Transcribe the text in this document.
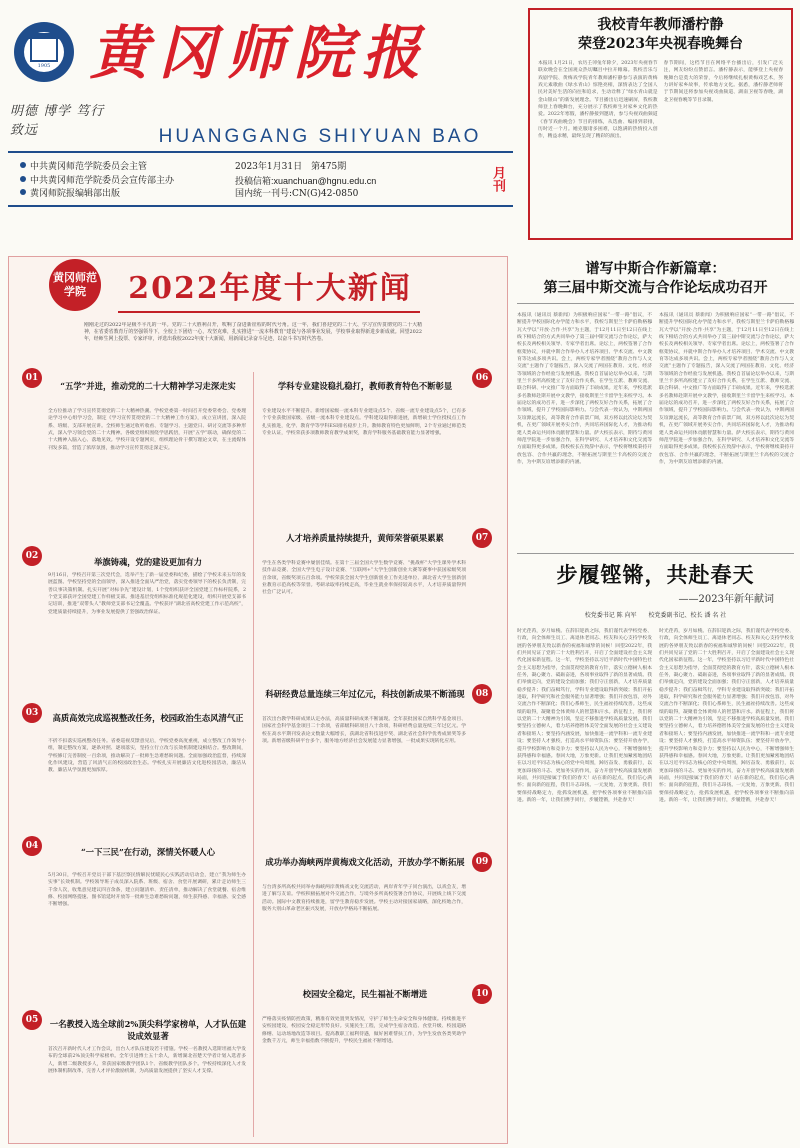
1905 黄冈师院报
明德 博学 笃行 致远	HUANGGANG SHIYUAN BAO
中共黄冈师范学院委员会主管
中共黄冈师范学院委员会宣传部主办
黄冈师院报编辑部出版
2023年1月31日　第475期
投稿信箱:xuanchuan@hgnu.edu.cn
国内统一刊号:CN(G)42-0850
月刊
我校青年教师潘柠静
荣登2023年央视春晚舞台
本报讯 1月21日，农历壬卯兔年除夕，2023年央视春节联欢晚会在全国观众热切瞩目中拉开帷幕。我校音乐与戏剧学院、黄梅戏学院青年教师潘柠静参与表演的黄梅戏元素歌曲《绿水青山》惊艳亮相，深情表达了全国人民对美好生活的向往和追求，生动诠释了“绿水青山就是金山银山”的新发展理念。节目播出后迅速刷屏，我校教师登上春晚舞台，充分展示了我校师生对家乡文化的热爱。2022年寒假，潘柠静接到邀请，参与央视戏曲频道《春节戏曲晚会》节目的排练，从选曲、编排到彩排，历时近一个月。她克服诸多困难，以饱满的热情投入创作，精益求精，最终呈现了精彩的演出。
春节期间，这档节目在网络平台播出后，引发广泛关注，网友纷纷点赞留言。潘柠静表示，能够登上央视春晚舞台是莫大的荣誉，今后将继续扎根黄梅戏艺术，努力讲好家乡故事，传承地方文化。据悉，潘柠静老师将于节期间还将参加央视戏曲频道、湖南卫视等春晚，湖北卫视春晚等节目录制。
黄冈师范学院	2022年度十大新闻
刚刚走过的2022年是极不平凡的一年。党的二十大胜利召开，吹响了奋进新征程的时代号角。这一年，我们喜迎党的二十大、学习宣传贯彻党的二十大精神，在省委省教育厅的坚强领导下，全校上下团结一心，攻坚克难，扎实推进“一流本科教育”建设与各项事业发展，学校事业取得新进步新成就。回望2022年，经师生网上投票、专家评审，评选出我校2022年度十大新闻，用新闻记录奋斗足迹，以奋斗书写时代答卷。
01
“五学”并进，推动党的二十大精神学习走深走实
全方位推动了学习宣传贯彻党的二十大精神热潮。学校党委第一时间召开党委常委会、党委理论学习中心组学习会，制定《学习宣传贯彻党的二十大精神工作方案》，成立宣讲团，深入院系、班级、支部开展宣讲。全校师生通过收听收看、专题学习、主题党日、研讨交流等多种形式，深入学习领会党的二十大精神。各级党组织围绕学思践悟，开展“五学”联动，确保党的二十大精神入脑入心、落地见效。学校开设专题网页，组织理论骨干撰写理论文章，在主流媒体刊发多篇，营造了浓厚氛围，推动学习宣传贯彻走深走实。
02
举旗铸魂，党的建设更加有力
9月16日，学校召开第三次党代会，选举产生了新一届党委和纪委，描绘了学校未来五年的发展蓝图。学校坚持党的全面领导，深入推进全面从严治党，落实党委领导下的校长负责制，完善议事决策机制。扎实开展“对标争先”建设计划，1个党组织获评全国党建工作标杆院系，2个党支部获评全国党建工作样板支部。推进基层党组织标准化规范化建设，组织开展党支部书记培训，推进“双带头人”教师党支部书记全覆盖。学校获评“湖北省高校党建工作示范高校”，党建质量持续提升，为事业发展提供了坚强政治保证。
03	高质高效完成巡视整改任务，校园政治生态风清气正
不折不扣落实巡视整改任务。省委巡视反馈意见后，学校党委高度重视，成立整改工作领导小组，制定整改方案，逐条对照、逐项落实，坚持立行立改与长效机制建设相结合。整改期间，学校修订完善制度一百余项，推动解决了一批师生急难愁盼问题。全面加强政治监督，持续深化作风建设，营造了风清气正的校园政治生态。学校扎实开展廉洁文化进校园活动，廉洁从教、廉洁从学氛围更加浓厚。
04
“一下三民”在行动，深情关怀暖人心
5月30日，学校召开党员干部下基层察民情解民忧暖民心实践活动启动会，建立“我为师生办实事”长效机制。学校领导班子成员深入院系、班级、宿舍、食堂开展调研，累计走访师生三千余人次，收集意见建议四百余条，建立问题清单、责任清单，推动解决了食堂就餐、宿舍维修、校园网络提速、图书馆延时开放等一批师生急难愁盼问题，师生获得感、幸福感、安全感不断增强。
05	一名教授入选全球前2%顶尖科学家榜单，人才队伍建设成效显著
首次召开新时代人才工作会议，出台人才队伍建设若干措施。学校一名教授入选斯坦福大学发布的全球前2%顶尖科学家榜单。全年引进博士五十余人，新增湖北省楚天学者计划入选者多人，新增二级教授多人，荣获国家级教学团队1个、省级教学团队多个。学校持续深化人才发展体制机制改革，完善人才评价激励机制，为高质量发展提供了坚实人才支撑。
06
学科专业建设稳扎稳打，教师教育特色不断彰显
专业建设水平不断提升。新增国家级一流本科专业建设点5个、省级一流专业建设点5个，已有多个专业获批国家级、省级一流本科专业建设点。学科建设取得新进展，新增硕士学位授权点工作扎实推进，化学、教育学等学科ESI排名稳步上升。教师教育特色更加鲜明，2个专业通过师范类专业认证，学校荣获多项教师教育教学成果奖，教育学科服务基础教育能力显著增强。
07
人才培养质量持续提升，黄师荣誉硕果累累
学生在各类学科竞赛中屡创佳绩。在第十三届全国大学生数学竞赛、“挑战杯”大学生课外学术科技作品竞赛、全国大学生电子设计竞赛、“互联网+”大学生创新创业大赛等赛事中获国家级奖项百余项，省级奖项五百余项。学校荣获全国大学生创新创业工作先进单位、湖北省大学生创新创业教育示范高校等荣誉。考研录取率持续走高，毕业生就业率保持较高水平，人才培养质量得到社会广泛认可。
08
科研经费总量连续三年过亿元，科技创新成果不断涌现
首次出台教学科研成果认定办法，高质量科研成果不断涌现。全年获批国家自然科学基金项目、国家社会科学基金项目二十余项，省部级科研项目八十余项，科研经费总量连续三年过亿元。学校在高水平期刊发表论文数量大幅增长，获湖北省科技进步奖、湖北省社会科学优秀成果奖等多项。新增省级科研平台多个，服务地方经济社会发展能力显著增强，一批成果实现转化应用。
09
成功举办海峡两岸黄梅戏文化活动，开放办学不断拓展
与台湾多所高校共同举办海峡两岸黄梅戏文化交流活动，两岸青年学子同台演出，以戏会友，增进了解与友谊。学校积极拓展对外交流合作，与境外多所高校签署合作协议，开展线上线下交流活动。国际中文教育持续推进，留学生教育稳步发展。学校主动对接国家战略，深化校地合作，服务大别山革命老区振兴发展，开放办学格局不断拓展。
10
校园安全稳定，民生福祉不断增进
严格落实疫情防控政策，精准有效处置突发情况，守护了师生生命安全和身体健康。持续推进平安校园建设，校园安全稳定形势良好。实施民生工程，完成学生宿舍改造、食堂升级、校园道路修缮、运动场地改造等项目。提高教职工福利待遇，做好困难帮扶工作，为学生发放各类奖助学金数千万元，师生幸福指数不断提升，学校民生福祉不断增进。
谱写中斯合作新篇章：
第三届中斯交流与合作论坛成功召开
本报讯（通讯员 蔡新闻）为积极响应国家“一带一路”倡议，不断提升学校国际化办学能力和水平，我校与斯里兰卡萨伯勒格穆瓦大学以“开放·合作·共享”为主题，于12月11日至12日在线上线下相结合的方式共同举办了第三届中斯交流与合作论坛，萨大校长及两校相关领导、专家学者出席。论坛上，两校签署了合作框架协议，并就中斯合作举办人才培养项目、学术交流、中文教育等达成多项共识。会上，两校专家学者围绕“教育合作与人文交流”主题作了专题报告，深入交流了两国在教育、文化、经济等领域的合作经验与发展机遇。我校自首届论坛举办以来，与斯里兰卡多所高校建立了友好合作关系，在学生互派、教师交流、联合科研、中文推广等方面取得了丰硕成果。近年来，学校选派多名教师赴斯开展中文教学，接收斯里兰卡留学生来校学习。本届论坛的成功召开，进一步深化了两校友好合作关系，拓展了合作领域，提升了学校国际影响力。与会代表一致认为，中斯两国友谊源远流长，高等教育合作前景广阔，双方将以此次论坛为契机，在更广领域开展务实合作，共同培养国际化人才，为推动构建人类命运共同体贡献智慧和力量。萨大校长表示，期待与黄冈师范学院进一步加强合作，在科学研究、人才培养和文化交流等方面取得更多成果。我校校长在致辞中表示，学校将继续秉持开放包容、合作共赢的理念，不断拓展与斯里兰卡高校的交流合作，为中斯友谊增添新的内涵。
本报讯（通讯员 蔡新闻）为积极响应国家“一带一路”倡议，不断提升学校国际化办学能力和水平，我校与斯里兰卡萨伯勒格穆瓦大学以“开放·合作·共享”为主题，于12月11日至12日在线上线下相结合的方式共同举办了第三届中斯交流与合作论坛，萨大校长及两校相关领导、专家学者出席。论坛上，两校签署了合作框架协议，并就中斯合作举办人才培养项目、学术交流、中文教育等达成多项共识。会上，两校专家学者围绕“教育合作与人文交流”主题作了专题报告，深入交流了两国在教育、文化、经济等领域的合作经验与发展机遇。我校自首届论坛举办以来，与斯里兰卡多所高校建立了友好合作关系，在学生互派、教师交流、联合科研、中文推广等方面取得了丰硕成果。近年来，学校选派多名教师赴斯开展中文教学，接收斯里兰卡留学生来校学习。本届论坛的成功召开，进一步深化了两校友好合作关系，拓展了合作领域，提升了学校国际影响力。与会代表一致认为，中斯两国友谊源远流长，高等教育合作前景广阔，双方将以此次论坛为契机，在更广领域开展务实合作，共同培养国际化人才，为推动构建人类命运共同体贡献智慧和力量。萨大校长表示，期待与黄冈师范学院进一步加强合作，在科学研究、人才培养和文化交流等方面取得更多成果。我校校长在致辞中表示，学校将继续秉持开放包容、合作共赢的理念，不断拓展与斯里兰卡高校的交流合作，为中斯友谊增添新的内涵。
步履铿锵，共赴春天
——2023年新年献词
校党委书记 陈 向军　　校党委副书记、校长 潘 名 社
时光荏苒，岁月如梭。在辞旧迎新之际，我们谨代表学校党委、行政，向全体师生员工、离退休老同志、校友和关心支持学校发展的各界朋友致以新春的祝福和诚挚的问候！回望2022年，我们共同见证了党的二十大胜利召开，开启了全面建设社会主义现代化国家新征程。这一年，学校坚持以习近平新时代中国特色社会主义思想为指导，全面贯彻党的教育方针，落实立德树人根本任务，凝心聚力、砥砺奋进，各项事业取得了新的显著成绩。我们举旗定向，党的建设全面加强；我们守正创新，人才培养质量稳步提升；我们奋楫笃行，学科专业建设取得新突破；我们开拓进取，科学研究和社会服务能力显著增强；我们开放包容，对外交流合作不断深化；我们心系师生，民生福祉持续改善。这些成绩的取得，凝聚着全体黄师人的智慧和汗水。新征程上，我们将以党的二十大精神为引领，坚定不移推进学校高质量发展。我们要坚持立德树人，着力培养德智体美劳全面发展的社会主义建设者和接班人；要坚持内涵发展，加快推进一流学科和一流专业建设；要坚持人才强校，打造高水平师资队伍；要坚持开放办学，提升学校影响力和竞争力；要坚持以人民为中心，不断增强师生获得感和幸福感。春回大地，万象更新。让我们更加紧密地团结在以习近平同志为核心的党中央周围，踔厉奋发、勇毅前行，以更加昂扬的斗志、更加务实的作风，奋力开创学校高质量发展新局面，共同迎接属于我们的春天！站在新的起点，我们信心满怀；面向新的征程，我们斗志昂扬。一元复始，万象更新。我们要保持战略定力，抢抓发展机遇，把学校各项事业不断推向前进。新的一年，让我们携手同行，步履铿锵，共赴春天！
时光荏苒，岁月如梭。在辞旧迎新之际，我们谨代表学校党委、行政，向全体师生员工、离退休老同志、校友和关心支持学校发展的各界朋友致以新春的祝福和诚挚的问候！回望2022年，我们共同见证了党的二十大胜利召开，开启了全面建设社会主义现代化国家新征程。这一年，学校坚持以习近平新时代中国特色社会主义思想为指导，全面贯彻党的教育方针，落实立德树人根本任务，凝心聚力、砥砺奋进，各项事业取得了新的显著成绩。我们举旗定向，党的建设全面加强；我们守正创新，人才培养质量稳步提升；我们奋楫笃行，学科专业建设取得新突破；我们开拓进取，科学研究和社会服务能力显著增强；我们开放包容，对外交流合作不断深化；我们心系师生，民生福祉持续改善。这些成绩的取得，凝聚着全体黄师人的智慧和汗水。新征程上，我们将以党的二十大精神为引领，坚定不移推进学校高质量发展。我们要坚持立德树人，着力培养德智体美劳全面发展的社会主义建设者和接班人；要坚持内涵发展，加快推进一流学科和一流专业建设；要坚持人才强校，打造高水平师资队伍；要坚持开放办学，提升学校影响力和竞争力；要坚持以人民为中心，不断增强师生获得感和幸福感。春回大地，万象更新。让我们更加紧密地团结在以习近平同志为核心的党中央周围，踔厉奋发、勇毅前行，以更加昂扬的斗志、更加务实的作风，奋力开创学校高质量发展新局面，共同迎接属于我们的春天！站在新的起点，我们信心满怀；面向新的征程，我们斗志昂扬。一元复始，万象更新。我们要保持战略定力，抢抓发展机遇，把学校各项事业不断推向前进。新的一年，让我们携手同行，步履铿锵，共赴春天！
